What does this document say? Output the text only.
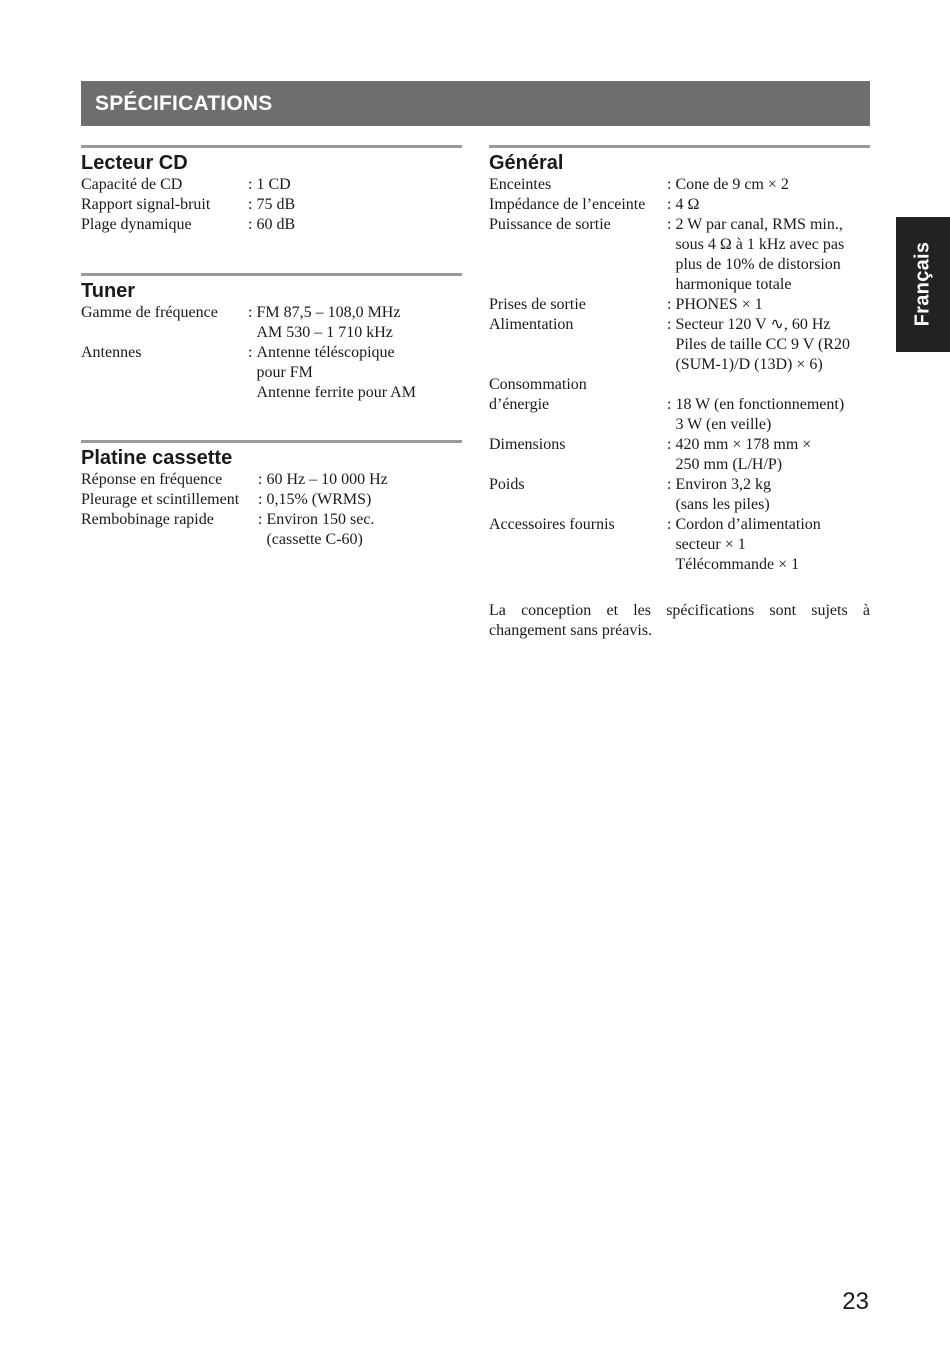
SPÉCIFICATIONS
Français
Lecteur CD
Capacité de CD	: 1 CD
Rapport signal-bruit	: 75 dB
Plage dynamique	: 60 dB
Tuner
Gamme de fréquence	: FM 87,5 – 108,0 MHz
AM 530 – 1 710 kHz
Antennes	: Antenne téléscopique
pour FM
Antenne ferrite pour AM
Platine cassette
Réponse en fréquence	: 60 Hz – 10 000 Hz
Pleurage et scintillement	: 0,15% (WRMS)
Rembobinage rapide	: Environ 150 sec.
(cassette C-60)
Général
Enceintes	: Cone de 9 cm × 2
Impédance de l’enceinte	: 4 Ω
Puissance de sortie	: 2 W par canal, RMS min.,
sous 4 Ω à 1 kHz avec pas
plus de 10% de distorsion
harmonique totale
Prises de sortie	: PHONES × 1
Alimentation	: Secteur 120 V ∿, 60 Hz
Piles de taille CC 9 V (R20
(SUM-1)/D (13D) × 6)
Consommation
d’énergie	: 18 W (en fonctionnement)
3 W (en veille)
Dimensions	: 420 mm × 178 mm ×
250 mm (L/H/P)
Poids	: Environ 3,2 kg
(sans les piles)
Accessoires fournis	: Cordon d’alimentation
secteur × 1
Télécommande × 1
La conception et les spécifications sont sujets à changement sans préavis.
23
